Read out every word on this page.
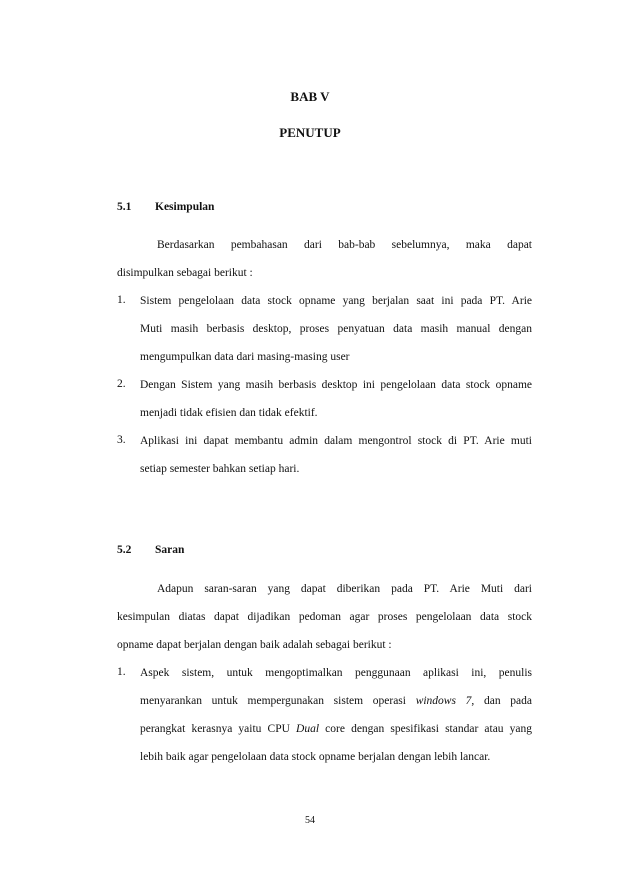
BAB V
PENUTUP
5.1 Kesimpulan
Berdasarkan pembahasan dari bab-bab sebelumnya, maka dapat
disimpulkan sebagai berikut :
1. Sistem pengelolaan data stock opname yang berjalan saat ini pada PT. Arie
Muti masih berbasis desktop, proses penyatuan data masih manual dengan
mengumpulkan data dari masing-masing user
2. Dengan Sistem yang masih berbasis desktop ini pengelolaan data stock opname
menjadi tidak efisien dan tidak efektif.
3. Aplikasi ini dapat membantu admin dalam mengontrol stock di PT. Arie muti
setiap semester bahkan setiap hari.
5.2 Saran
Adapun saran-saran yang dapat diberikan pada PT. Arie Muti dari
kesimpulan diatas dapat dijadikan pedoman agar proses pengelolaan data stock
opname dapat berjalan dengan baik adalah sebagai berikut :
1. Aspek sistem, untuk mengoptimalkan penggunaan aplikasi ini, penulis
menyarankan untuk mempergunakan sistem operasi windows 7, dan pada
perangkat kerasnya yaitu CPU Dual core dengan spesifikasi standar atau yang
lebih baik agar pengelolaan data stock opname berjalan dengan lebih lancar.
54
